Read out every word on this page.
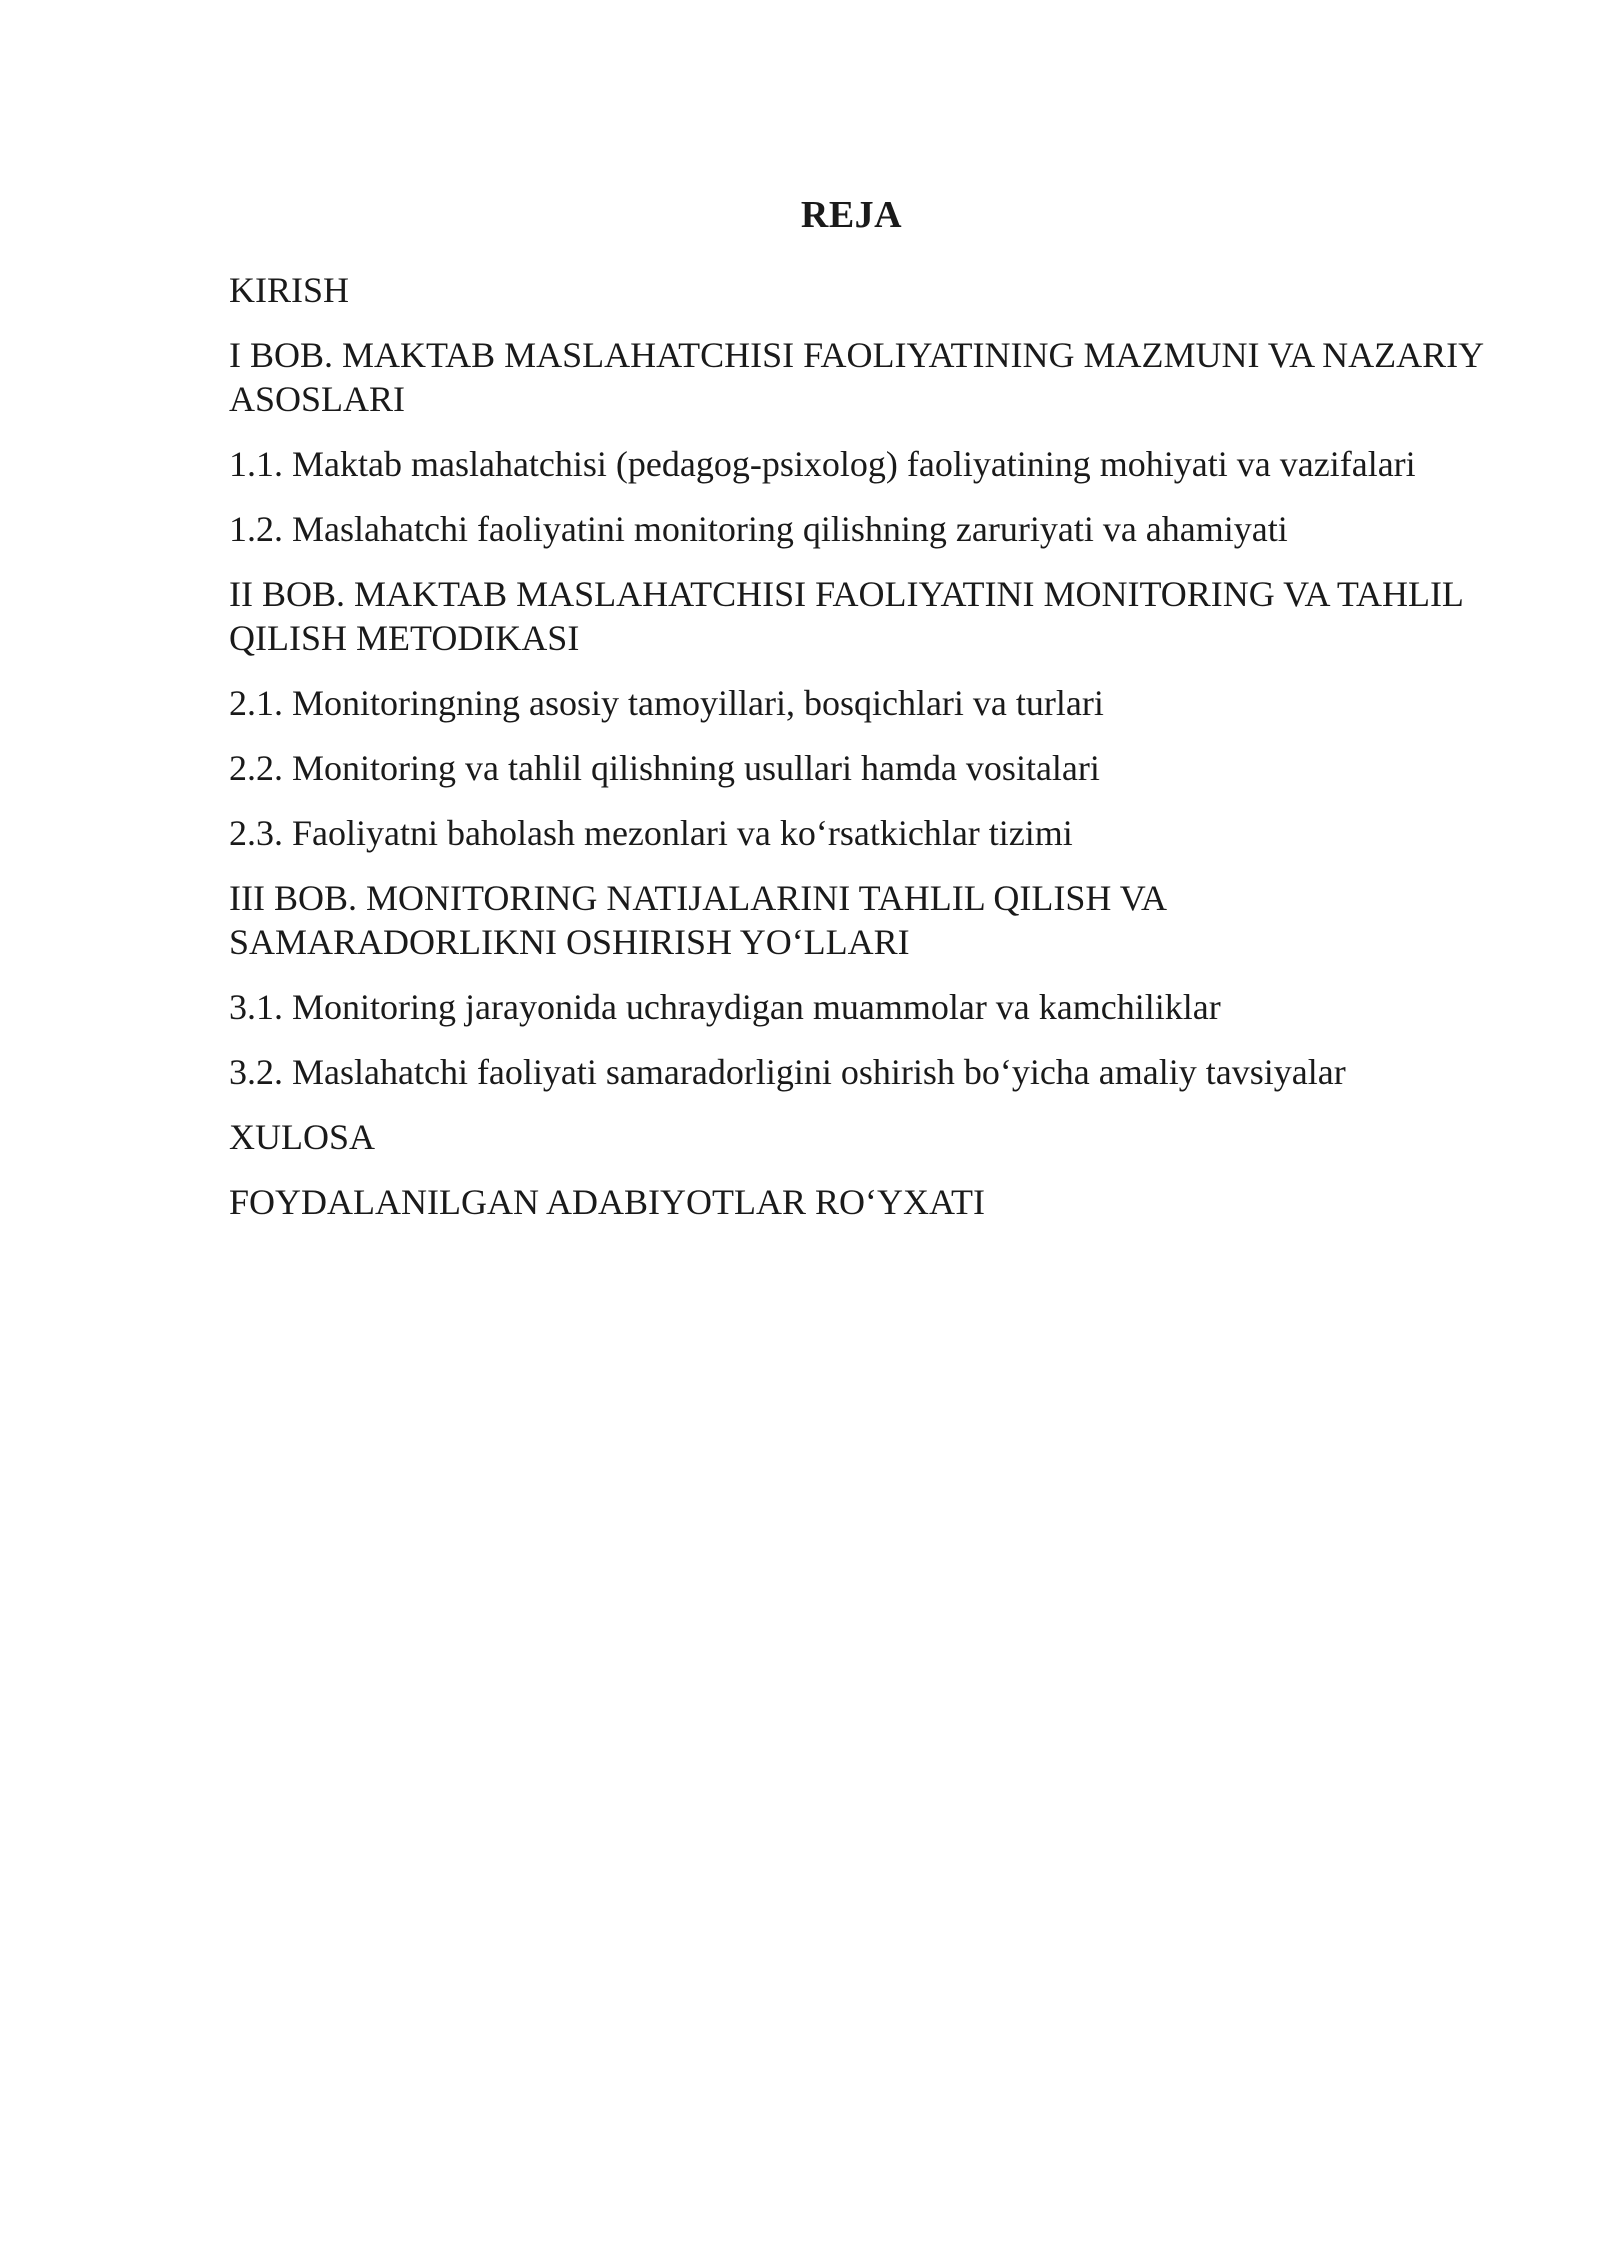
REJA
KIRISH
I BOB. MAKTAB MASLAHATCHISI FAOLIYATINING MAZMUNI VA NAZARIY ASOSLARI
1.1. Maktab maslahatchisi (pedagog-psixolog) faoliyatining mohiyati va vazifalari
1.2. Maslahatchi faoliyatini monitoring qilishning zaruriyati va ahamiyati
II BOB. MAKTAB MASLAHATCHISI FAOLIYATINI MONITORING VA TAHLIL QILISH METODIKASI
2.1. Monitoringning asosiy tamoyillari, bosqichlari va turlari
2.2. Monitoring va tahlil qilishning usullari hamda vositalari
2.3. Faoliyatni baholash mezonlari va ko‘rsatkichlar tizimi
III BOB. MONITORING NATIJALARINI TAHLIL QILISH VA SAMARADORLIKNI OSHIRISH YO‘LLARI
3.1. Monitoring jarayonida uchraydigan muammolar va kamchiliklar
3.2. Maslahatchi faoliyati samaradorligini oshirish bo‘yicha amaliy tavsiyalar
XULOSA
FOYDALANILGAN ADABIYOTLAR RO‘YXATI
